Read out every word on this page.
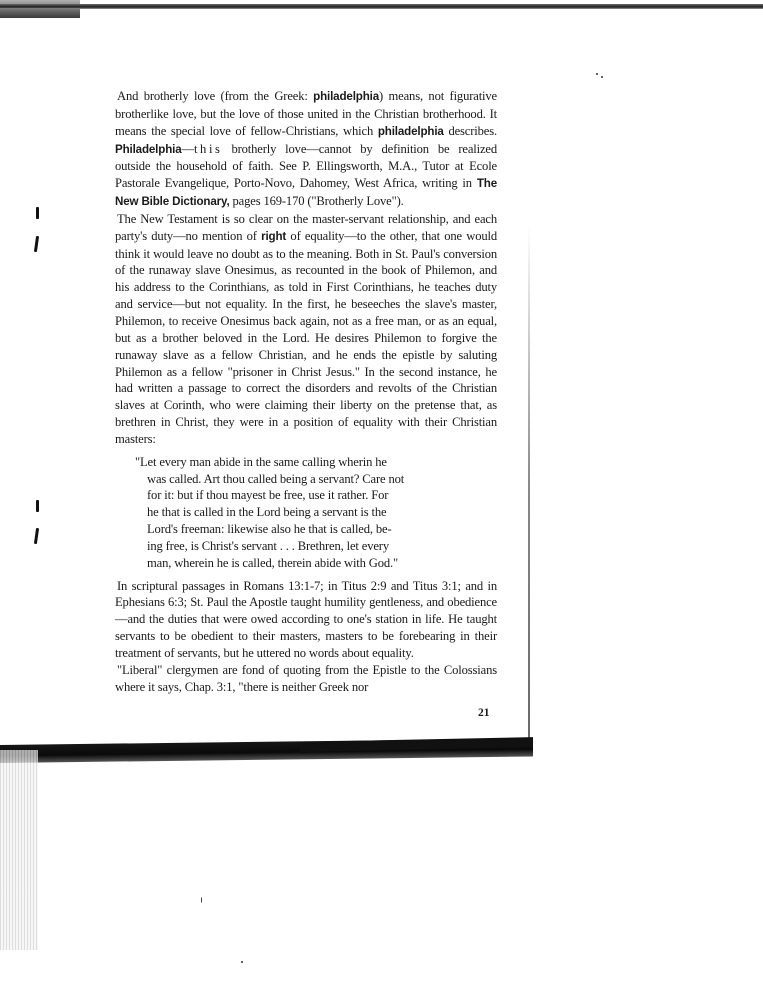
And brotherly love (from the Greek: philadelphia) means, not figurative brotherlike love, but the love of those united in the Christian brotherhood. It means the special love of fellow-Christians, which philadelphia describes. Philadelphia—this brotherly love—cannot by definition be realized outside the household of faith. See P. Ellingsworth, M.A., Tutor at Ecole Pastorale Evangelique, Porto-Novo, Dahomey, West Africa, writing in The New Bible Dictionary, pages 169-170 ("Brotherly Love").

The New Testament is so clear on the master-servant relationship, and each party's duty—no mention of right of equality—to the other, that one would think it would leave no doubt as to the meaning. Both in St. Paul's conversion of the runaway slave Onesimus, as recounted in the book of Philemon, and his address to the Corinthians, as told in First Corinthians, he teaches duty and service—but not equality. In the first, he beseeches the slave's master, Philemon, to receive Onesimus back again, not as a free man, or as an equal, but as a brother beloved in the Lord. He desires Philemon to forgive the runaway slave as a fellow Christian, and he ends the epistle by saluting Philemon as a fellow "prisoner in Christ Jesus." In the second instance, he had written a passage to correct the disorders and revolts of the Christian slaves at Corinth, who were claiming their liberty on the pretense that, as brethren in Christ, they were in a position of equality with their Christian masters:

"Let every man abide in the same calling wherin he
was called. Art thou called being a servant? Care not
for it: but if thou mayest be free, use it rather. For
he that is called in the Lord being a servant is the
Lord's freeman: likewise also he that is called, be-
ing free, is Christ's servant . . . Brethren, let every
man, wherein he is called, therein abide with God."

In scriptural passages in Romans 13:1-7; in Titus 2:9 and Titus 3:1; and in Ephesians 6:3; St. Paul the Apostle taught humility gentleness, and obedience—and the duties that were owed according to one's station in life. He taught servants to be obedient to their masters, masters to be forebearing in their treatment of servants, but he uttered no words about equality.

"Liberal" clergymen are fond of quoting from the Epistle to the Colossians where it says, Chap. 3:1, "there is neither Greek nor

21
